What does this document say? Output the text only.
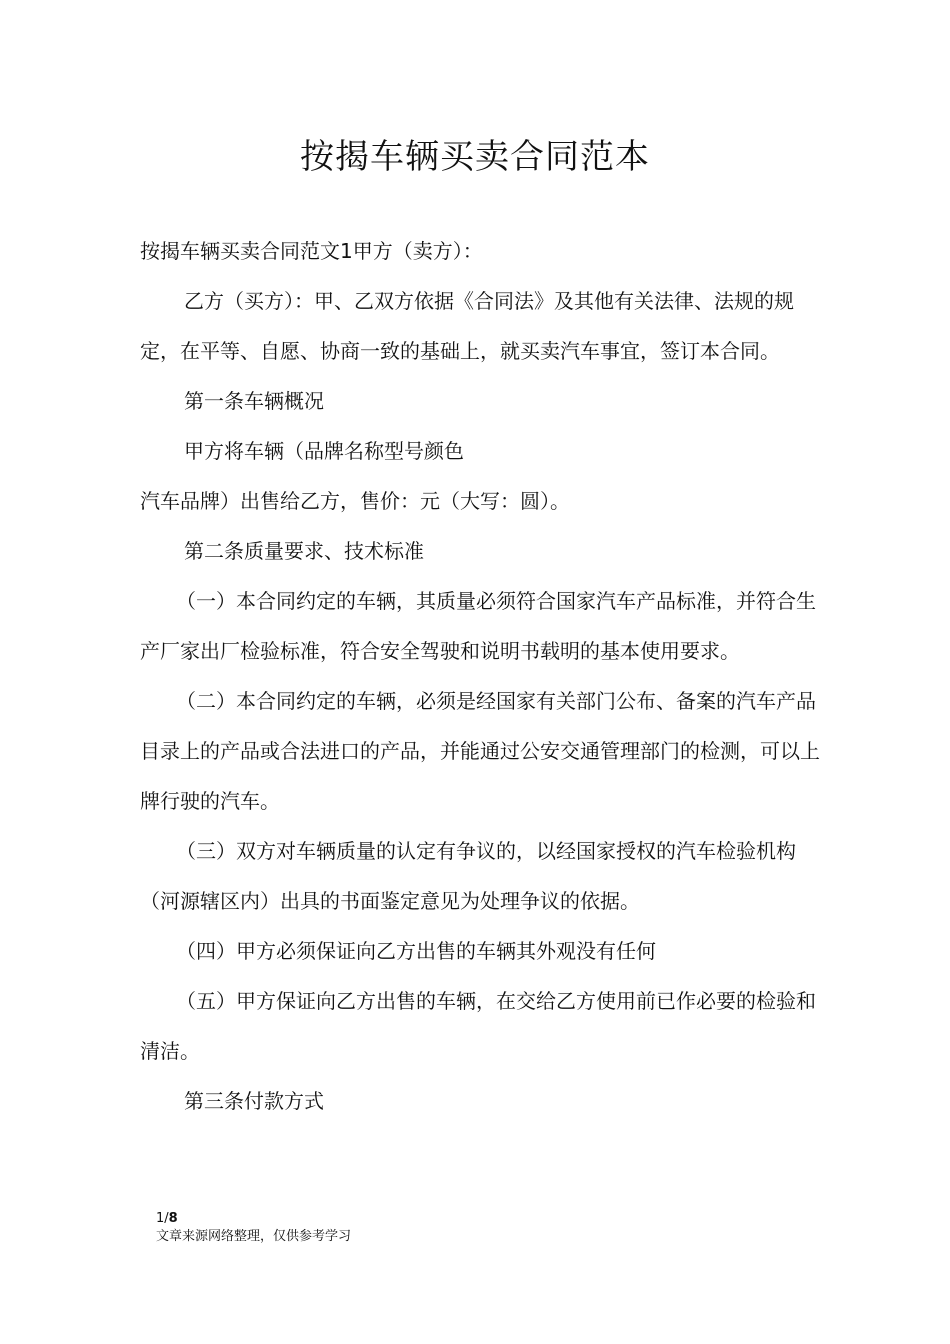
按揭车辆买卖合同范本

按揭车辆买卖合同范文1甲方（卖方）：

乙方（买方）：甲、乙双方依据《合同法》及其他有关法律、法规的规定，在平等、自愿、协商一致的基础上，就买卖汽车事宜，签订本合同。

第一条车辆概况

甲方将车辆（品牌名称型号颜色

汽车品牌）出售给乙方，售价：元（大写：圆）。

第二条质量要求、技术标准

（一）本合同约定的车辆，其质量必须符合国家汽车产品标准，并符合生产厂家出厂检验标准，符合安全驾驶和说明书载明的基本使用要求。

（二）本合同约定的车辆，必须是经国家有关部门公布、备案的汽车产品目录上的产品或合法进口的产品，并能通过公安交通管理部门的检测，可以上牌行驶的汽车。

（三）双方对车辆质量的认定有争议的，以经国家授权的汽车检验机构（河源辖区内）出具的书面鉴定意见为处理争议的依据。

（四）甲方必须保证向乙方出售的车辆其外观没有任何

（五）甲方保证向乙方出售的车辆，在交给乙方使用前已作必要的检验和清洁。

第三条付款方式

1/8
文章来源网络整理，仅供参考学习
